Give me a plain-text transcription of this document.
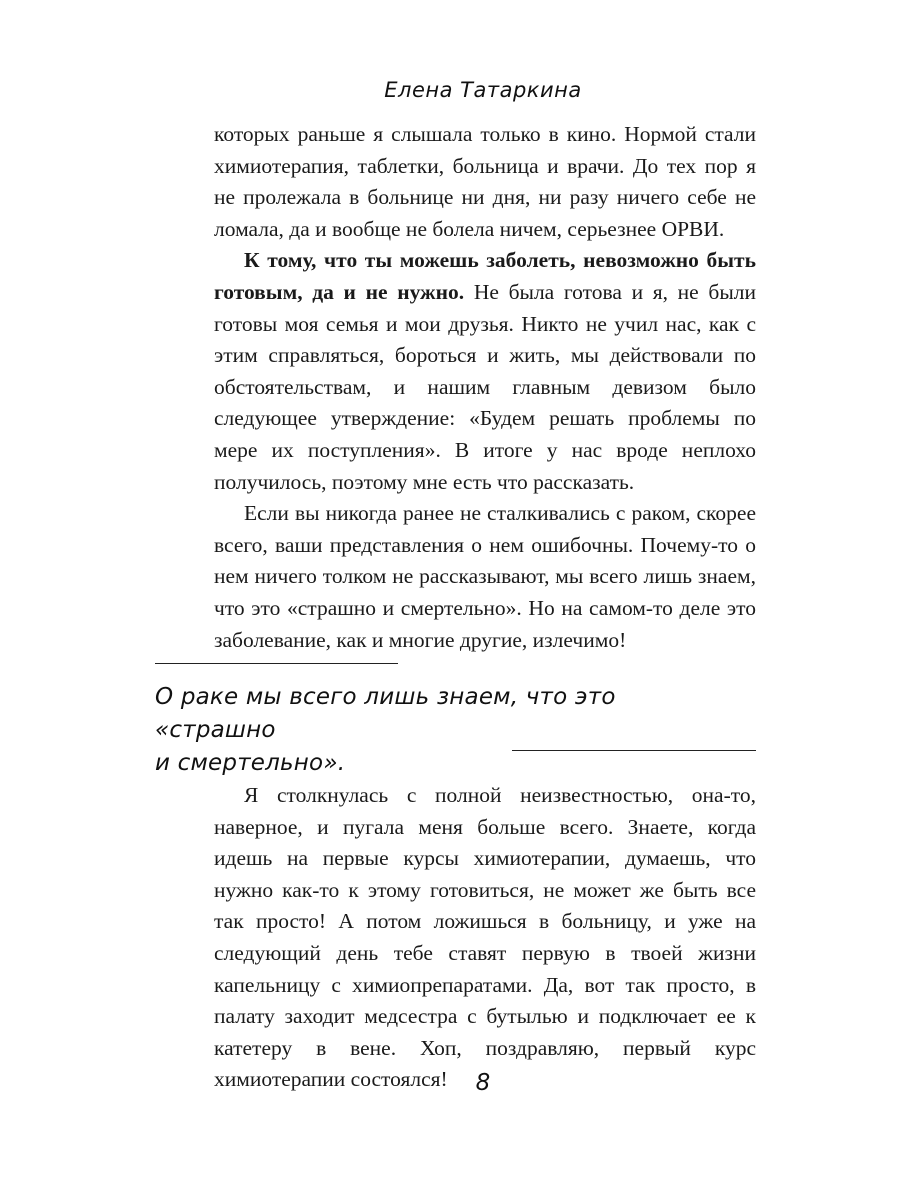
Елена Татаркина

которых раньше я слышала только в кино. Нормой стали химиотерапия, таблетки, больница и врачи. До тех пор я не пролежала в больнице ни дня, ни разу ничего себе не ломала, да и вообще не болела ничем, серьезнее ОРВИ.

К тому, что ты можешь заболеть, невозможно быть готовым, да и не нужно. Не была готова и я, не были готовы моя семья и мои друзья. Никто не учил нас, как с этим справляться, бороться и жить, мы действовали по обстоятельствам, и нашим главным девизом было следующее утверждение: «Будем решать проблемы по мере их поступления». В итоге у нас вроде неплохо получилось, поэтому мне есть что рассказать.

Если вы никогда ранее не сталкивались с раком, скорее всего, ваши представления о нем ошибочны. Почему-то о нем ничего толком не рассказывают, мы всего лишь знаем, что это «страшно и смертельно». Но на самом-то деле это заболевание, как и многие другие, излечимо!

О раке мы всего лишь знаем, что это «страшно
и смертельно».

Я столкнулась с полной неизвестностью, она-то, наверное, и пугала меня больше всего. Знаете, когда идешь на первые курсы химиотерапии, думаешь, что нужно как-то к этому готовиться, не может же быть все так просто! А потом ложишься в больницу, и уже на следующий день тебе ставят первую в твоей жизни капельницу с химиопрепаратами. Да, вот так просто, в палату заходит медсестра с бутылью и подключает ее к катетеру в вене. Хоп, поздравляю, первый курс химиотерапии состоялся!	8
